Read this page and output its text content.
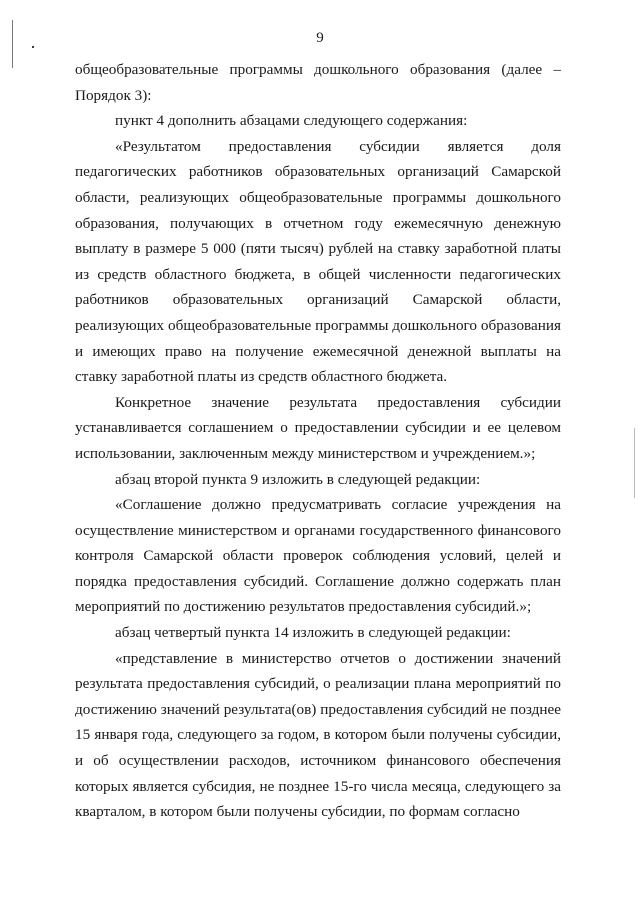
9

общеобразовательные программы дошкольного образования (далее – Порядок 3):

пункт 4 дополнить абзацами следующего содержания:

«Результатом предоставления субсидии является доля педагогических работников образовательных организаций Самарской области, реализующих общеобразовательные программы дошкольного образования, получающих в отчетном году ежемесячную денежную выплату в размере 5 000 (пяти тысяч) рублей на ставку заработной платы из средств областного бюджета, в общей численности педагогических работников образовательных организаций Самарской области, реализующих общеобразовательные программы дошкольного образования и имеющих право на получение ежемесячной денежной выплаты на ставку заработной платы из средств областного бюджета.

Конкретное значение результата предоставления субсидии устанавливается соглашением о предоставлении субсидии и ее целевом использовании, заключенным между министерством и учреждением.»;

абзац второй пункта 9 изложить в следующей редакции:

«Соглашение должно предусматривать согласие учреждения на осуществление министерством и органами государственного финансового контроля Самарской области проверок соблюдения условий, целей и порядка предоставления субсидий. Соглашение должно содержать план мероприятий по достижению результатов предоставления субсидий.»;

абзац четвертый пункта 14 изложить в следующей редакции:

«представление в министерство отчетов о достижении значений результата предоставления субсидий, о реализации плана мероприятий по достижению значений результата(ов) предоставления субсидий не позднее 15 января года, следующего за годом, в котором были получены субсидии, и об осуществлении расходов, источником финансового обеспечения которых является субсидия, не позднее 15-го числа месяца, следующего за кварталом, в котором были получены субсидии, по формам согласно
